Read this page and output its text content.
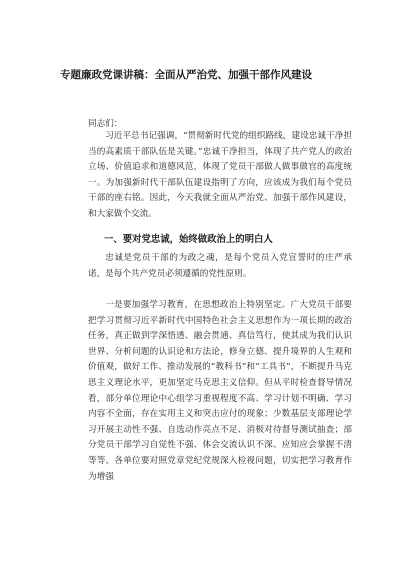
专题廉政党课讲稿：全面从严治党、加强干部作风建设

同志们：

习近平总书记强调，“贯彻新时代党的组织路线，建设忠诚干净担当的高素质干部队伍是关键。”忠诚干净担当，体现了共产党人的政治立场、价值追求和道德风范，体现了党员干部做人做事做官的高度统一。为加强新时代干部队伍建设指明了方向，应该成为我们每个党员干部的座右铭。因此，今天我就全面从严治党、加强干部作风建设，和大家做个交流。

一、要对党忠诚，始终做政治上的明白人

忠诚是党员干部的为政之魂，是每个党员入党宣誓时的庄严承诺，是每个共产党员必须遵循的党性原则。

一是要加强学习教育，在思想政治上特别坚定。广大党员干部要把学习贯彻习近平新时代中国特色社会主义思想作为一项长期的政治任务，真正做到学深悟透、融会贯通、真信笃行，使其成为我们认识世界、分析问题的认识论和方法论，修身立德、提升境界的人生观和价值观，做好工作、推动发展的“教科书”和“工具书”，不断提升马克思主义理论水平，更加坚定马克思主义信仰。但从平时检查督导情况看，部分单位理论中心组学习重视程度不高、学习计划不明确、学习内容不全面，存在实用主义和突击应付的现象；少数基层支部理论学习开展主动性不强、自选动作亮点不足、消极对待督导测试抽查；部分党员干部学习自觉性不强、体会交流认识不深、应知应会掌握不清等等。各单位要对照党章党纪党规深入检视问题，切实把学习教育作为增强
